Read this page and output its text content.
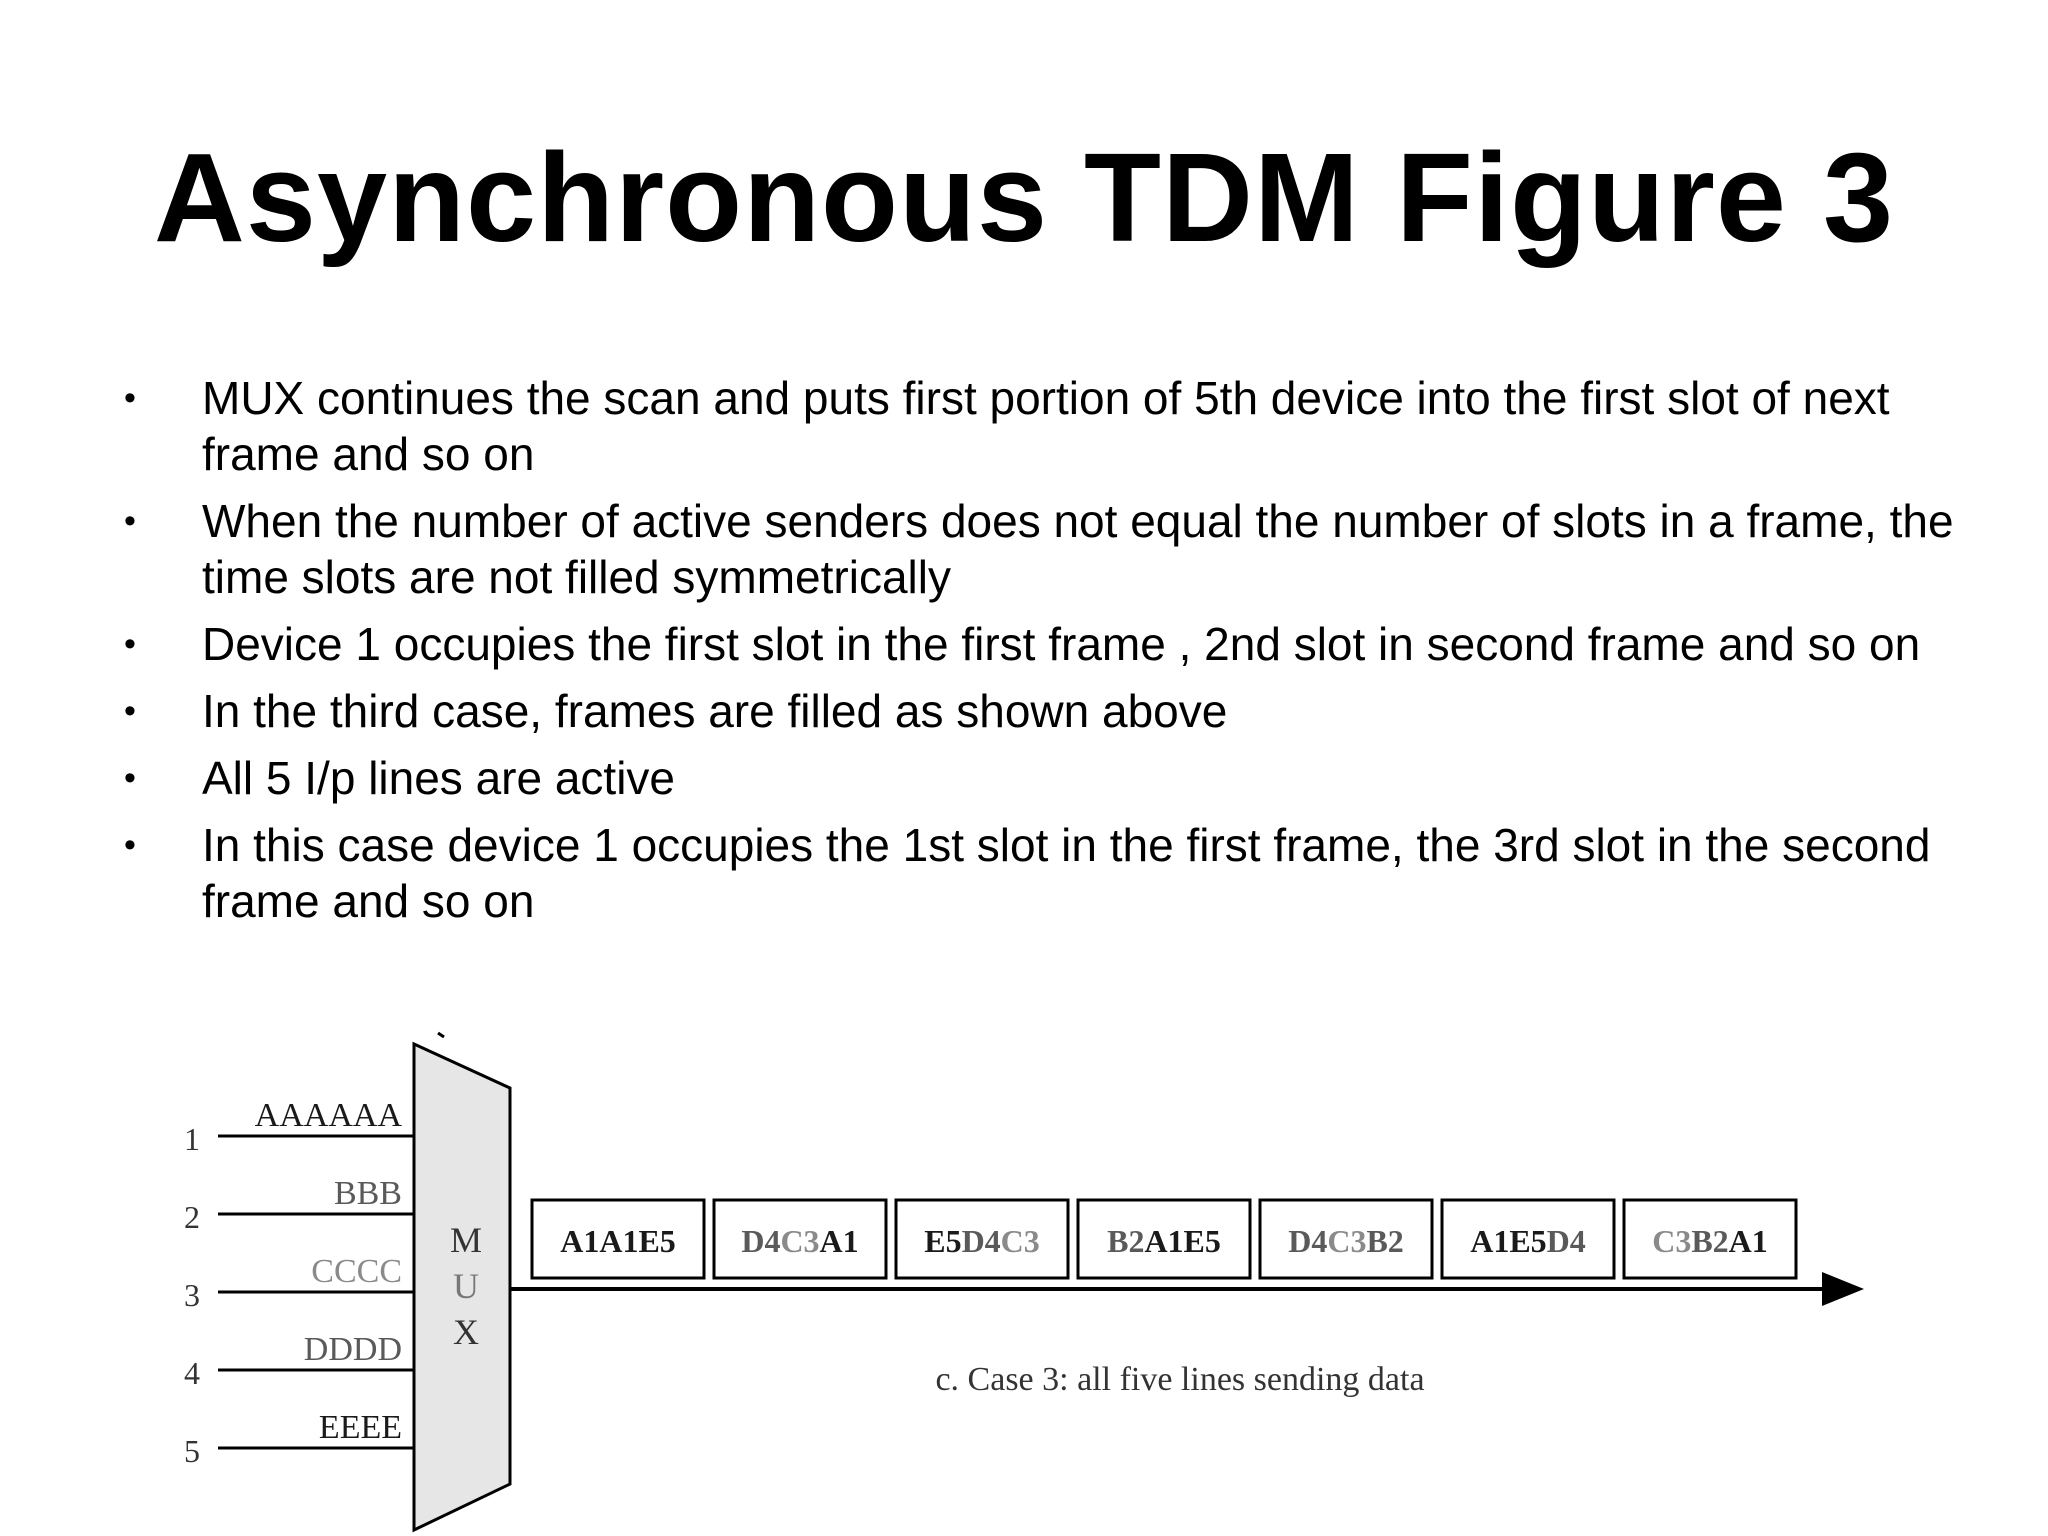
Asynchronous TDM Figure 3
• MUX continues the scan and puts first portion of 5th device into the first slot of next frame and so on
• When the number of active senders does not equal the number of slots in a frame, the time slots are not filled symmetrically
• Device 1 occupies the first slot in the first frame , 2nd slot in second frame and so on
• In the third case, frames are filled as shown above
• All 5 I/p lines are active
• In this case device 1 occupies the 1st slot in the first frame, the 3rd slot in the second frame and so on
M
U
X
1
AAAAAA
2
BBB
3
CCCC
4
DDDD
5
EEEE
A1A1E5 D4C3A1 E5D4C3 B2A1E5 D4C3B2 A1E5D4 C3B2A1
c. Case 3: all five lines sending data
